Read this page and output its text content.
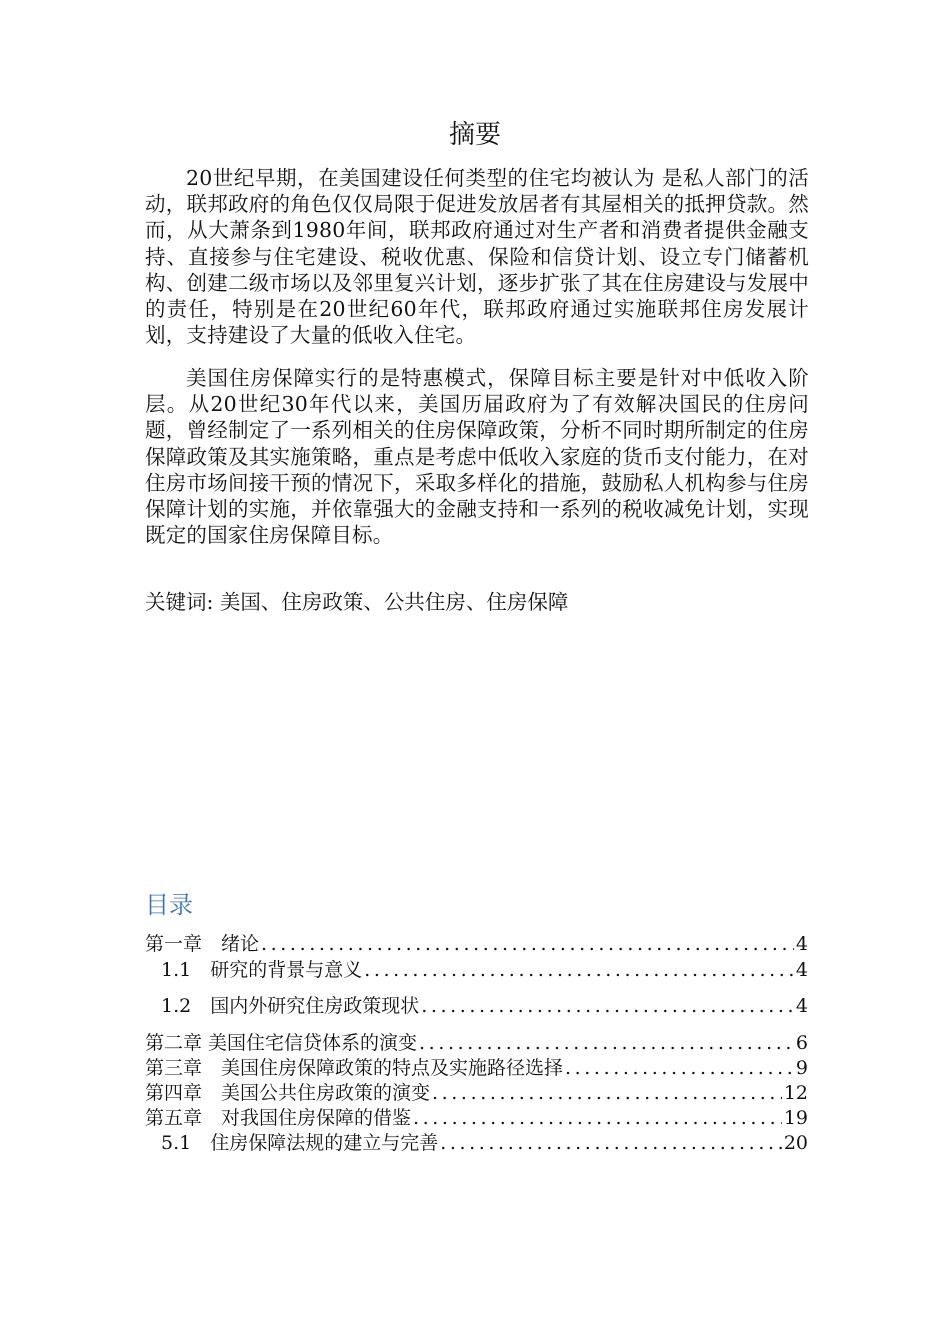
摘要

20世纪早期，在美国建设任何类型的住宅均被认为 是私人部门的活动，联邦政府的角色仅仅局限于促进发放居者有其屋相关的抵押贷款。然而，从大萧条到1980年间，联邦政府通过对生产者和消费者提供金融支持、直接参与住宅建设、税收优惠、保险和信贷计划、设立专门储蓄机构、创建二级市场以及邻里复兴计划，逐步扩张了其在住房建设与发展中的责任，特别是在20世纪60年代，联邦政府通过实施联邦住房发展计划，支持建设了大量的低收入住宅。

美国住房保障实行的是特惠模式，保障目标主要是针对中低收入阶层。从20世纪30年代以来，美国历届政府为了有效解决国民的住房问题，曾经制定了一系列相关的住房保障政策，分析不同时期所制定的住房保障政策及其实施策略，重点是考虑中低收入家庭的货币支付能力，在对住房市场间接干预的情况下，采取多样化的措施，鼓励私人机构参与住房保障计划的实施，并依靠强大的金融支持和一系列的税收减免计划，实现既定的国家住房保障目标。

关键词: 美国、住房政策、公共住房、住房保障
目录
第一章　绪论 .....	4
1.1　研究的背景与意义 .....	4
1.2　国内外研究住房政策现状 .....	4
第二章 美国住宅信贷体系的演变 .....	6
第三章　美国住房保障政策的特点及实施路径选择 .....	9
第四章　美国公共住房政策的演变 .....	12
第五章　对我国住房保障的借鉴 .....	19
5.1　住房保障法规的建立与完善 .....	20
